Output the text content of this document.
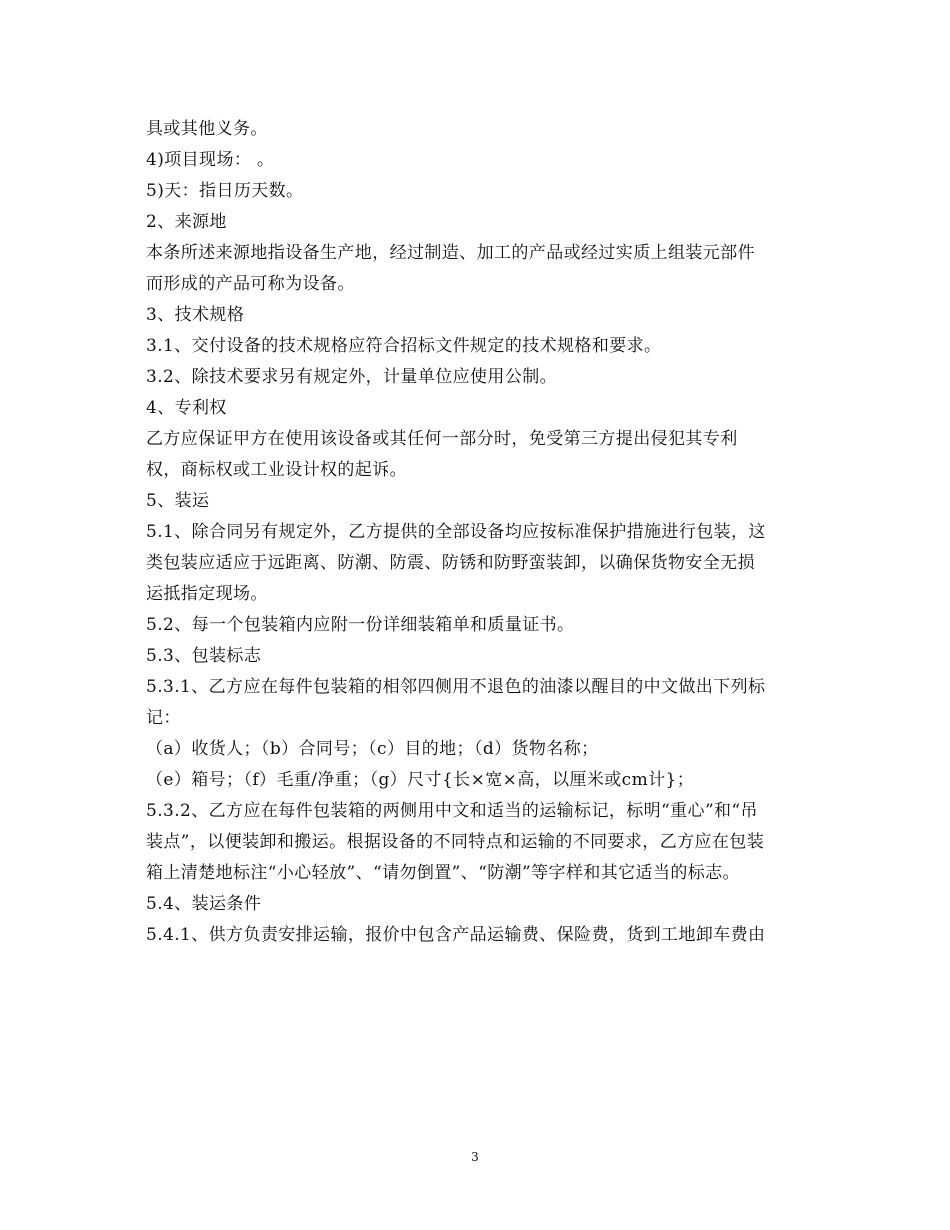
具或其他义务。
4)项目现场： 。
5)天：指日历天数。
2、来源地
本条所述来源地指设备生产地，经过制造、加工的产品或经过实质上组装元部件
而形成的产品可称为设备。
3、技术规格
3.1、交付设备的技术规格应符合招标文件规定的技术规格和要求。
3.2、除技术要求另有规定外，计量单位应使用公制。
4、专利权
乙方应保证甲方在使用该设备或其任何一部分时，免受第三方提出侵犯其专利
权，商标权或工业设计权的起诉。
5、装运
5.1、除合同另有规定外，乙方提供的全部设备均应按标准保护措施进行包装，这
类包装应适应于远距离、防潮、防震、防锈和防野蛮装卸，以确保货物安全无损
运抵指定现场。
5.2、每一个包装箱内应附一份详细装箱单和质量证书。
5.3、包装标志
5.3.1、乙方应在每件包装箱的相邻四侧用不退色的油漆以醒目的中文做出下列标
记：
（a）收货人；（b）合同号；（c）目的地；（d）货物名称；
（e）箱号；（f）毛重/净重；（g）尺寸{长×宽×高，以厘米或cm计}；
5.3.2、乙方应在每件包装箱的两侧用中文和适当的运输标记，标明“重心”和“吊
装点”，以便装卸和搬运。根据设备的不同特点和运输的不同要求，乙方应在包装
箱上清楚地标注“小心轻放”、“请勿倒置”、“防潮”等字样和其它适当的标志。
5.4、装运条件
5.4.1、供方负责安排运输，报价中包含产品运输费、保险费，货到工地卸车费由
3
